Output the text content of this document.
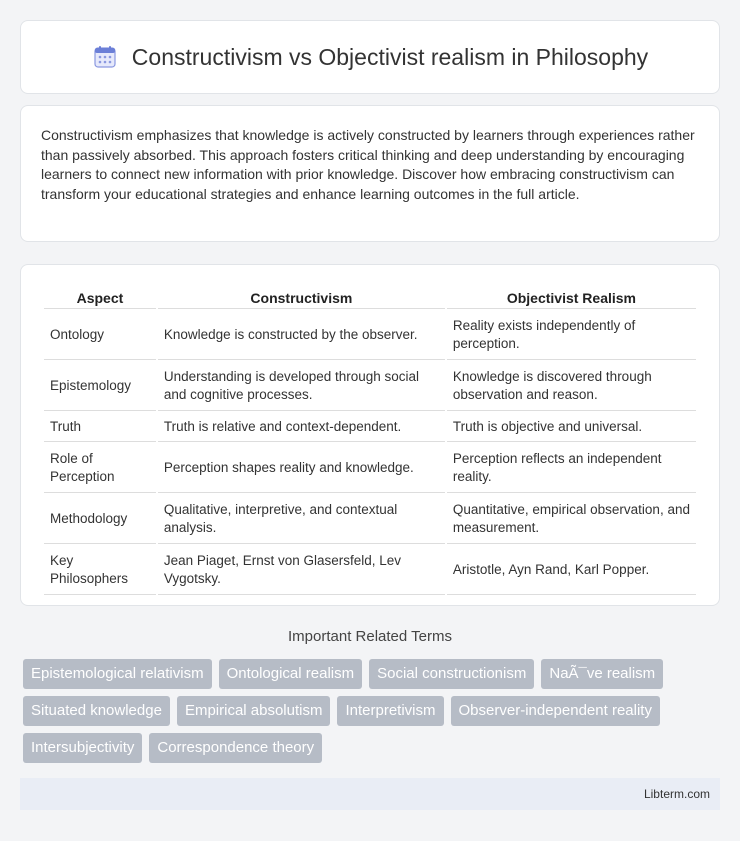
Constructivism vs Objectivist realism in Philosophy

Constructivism emphasizes that knowledge is actively constructed by learners through experiences rather than passively absorbed. This approach fosters critical thinking and deep understanding by encouraging learners to connect new information with prior knowledge. Discover how embracing constructivism can transform your educational strategies and enhance learning outcomes in the full article.

Aspect	Constructivism	Objectivist Realism
Ontology	Knowledge is constructed by the observer.	Reality exists independently of perception.
Epistemology	Understanding is developed through social and cognitive processes.	Knowledge is discovered through observation and reason.
Truth	Truth is relative and context-dependent.	Truth is objective and universal.
Role of Perception	Perception shapes reality and knowledge.	Perception reflects an independent reality.
Methodology	Qualitative, interpretive, and contextual analysis.	Quantitative, empirical observation, and measurement.
Key Philosophers	Jean Piaget, Ernst von Glasersfeld, Lev Vygotsky.	Aristotle, Ayn Rand, Karl Popper.
Important Related Terms
Epistemological relativism	Ontological realism	Social constructionism	NaÃ¯ve realism
Situated knowledge	Empirical absolutism	Interpretivism	Observer-independent reality
Intersubjectivity	Correspondence theory
Libterm.com
